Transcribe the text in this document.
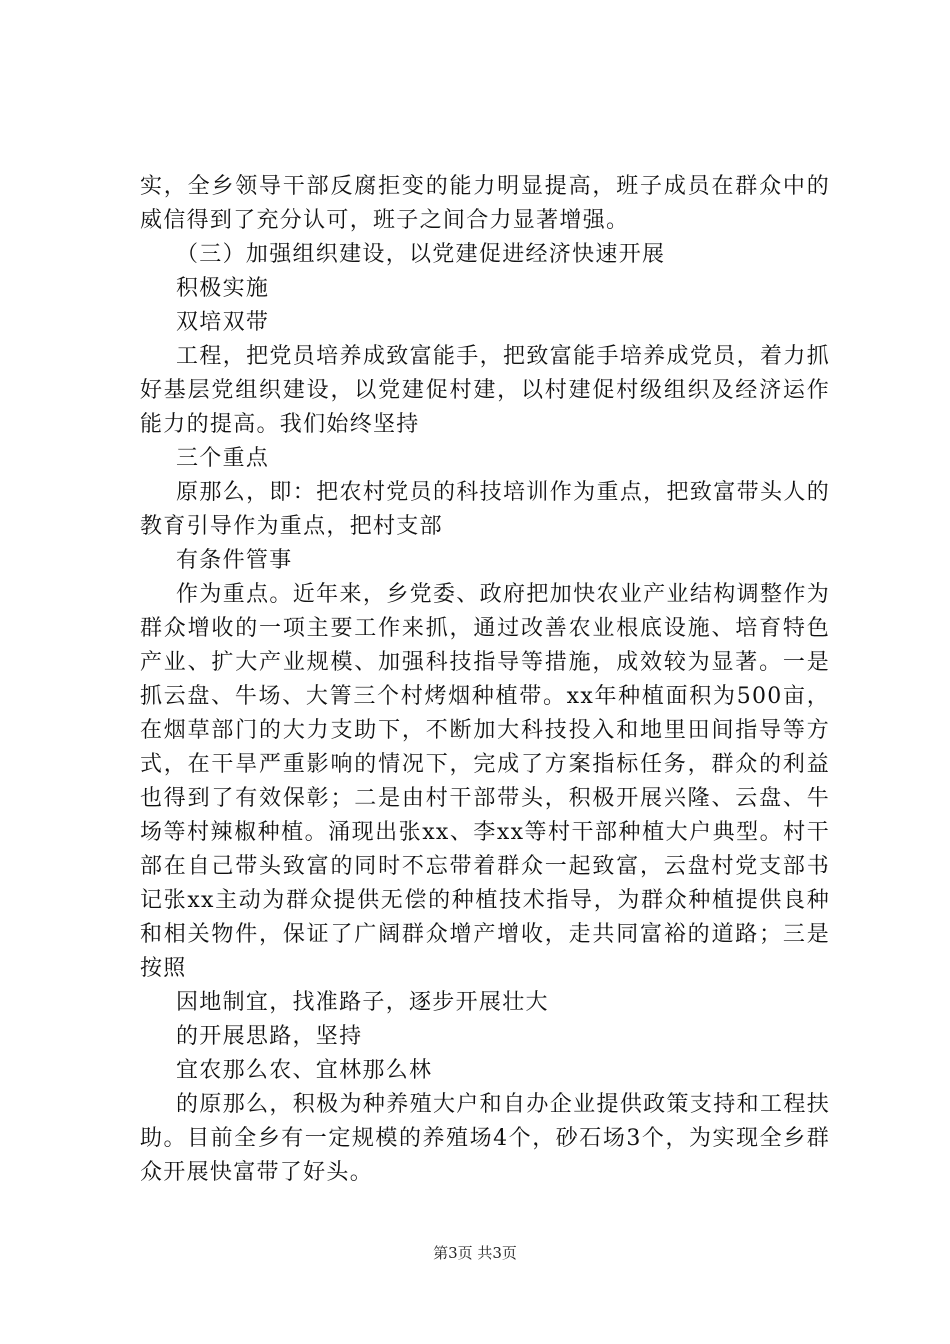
实，全乡领导干部反腐拒变的能力明显提高，班子成员在群众中的威信得到了充分认可，班子之间合力显著增强。

（三）加强组织建设，以党建促进经济快速开展

积极实施

双培双带

工程，把党员培养成致富能手，把致富能手培养成党员，着力抓好基层党组织建设，以党建促村建，以村建促村级组织及经济运作能力的提高。我们始终坚持

三个重点

原那么，即：把农村党员的科技培训作为重点，把致富带头人的教育引导作为重点，把村支部

有条件管事

作为重点。近年来，乡党委、政府把加快农业产业结构调整作为群众增收的一项主要工作来抓，通过改善农业根底设施、培育特色产业、扩大产业规模、加强科技指导等措施，成效较为显著。一是抓云盘、牛场、大箐三个村烤烟种植带。xx年种植面积为500亩，在烟草部门的大力支助下，不断加大科技投入和地里田间指导等方式，在干旱严重影响的情况下，完成了方案指标任务，群众的利益也得到了有效保彰；二是由村干部带头，积极开展兴隆、云盘、牛场等村辣椒种植。涌现出张xx、李xx等村干部种植大户典型。村干部在自己带头致富的同时不忘带着群众一起致富，云盘村党支部书记张xx主动为群众提供无偿的种植技术指导，为群众种植提供良种和相关物件，保证了广阔群众增产增收，走共同富裕的道路；三是按照

因地制宜，找准路子，逐步开展壮大

的开展思路，坚持

宜农那么农、宜林那么林

的原那么，积极为种养殖大户和自办企业提供政策支持和工程扶助。目前全乡有一定规模的养殖场4个，砂石场3个，为实现全乡群众开展快富带了好头。

第3页 共3页
